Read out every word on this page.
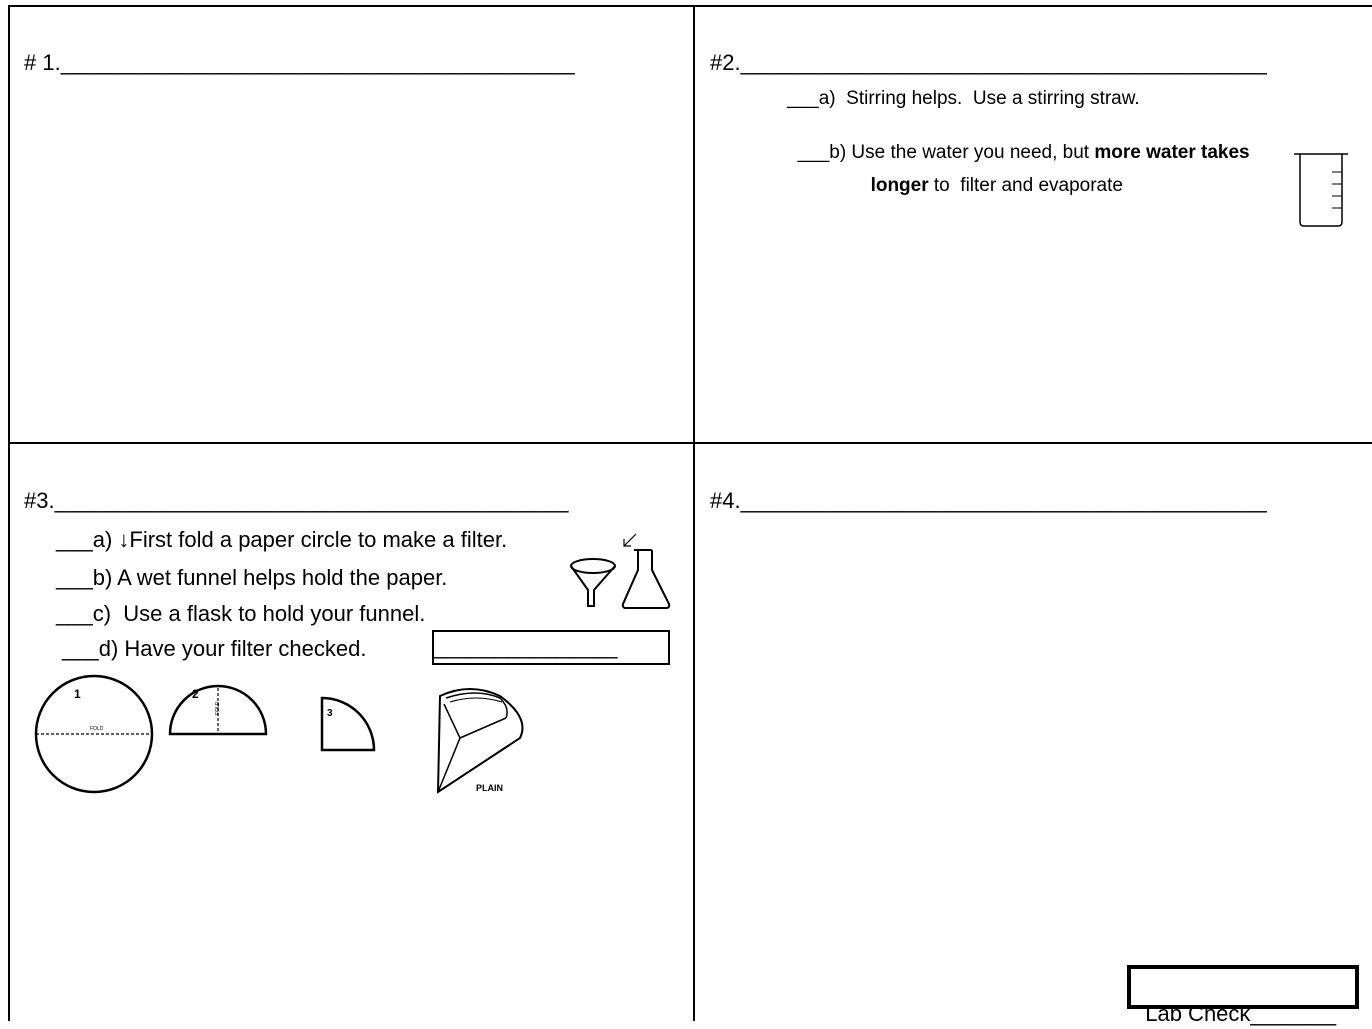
# 1.__________________________________________	#2.___________________________________________
___a)  Stirring helps.  Use a stirring straw.

___b) Use the water you need, but more water takes

longer to  filter and evaporate

#3.__________________________________________
___a) ↓First fold a paper circle to make a filter.
___b) A wet funnel helps hold the paper.
___c)  Use a flask to hold your funnel.
___d) Have your filter checked.	_______________
1
FOLD
2
FOLD	3
PLAIN
#4.___________________________________________

Lab Check_______
